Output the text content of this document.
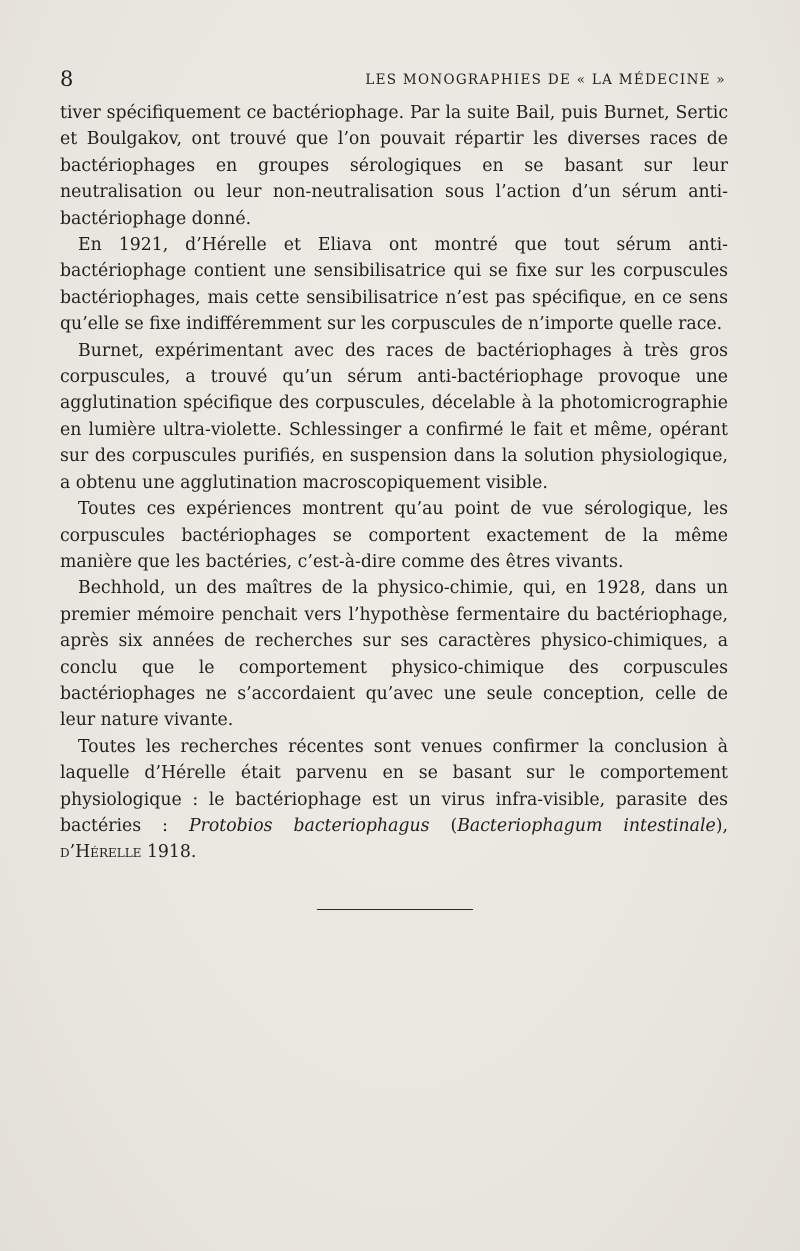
8	LES MONOGRAPHIES DE « LA MÉDECINE »

tiver spécifiquement ce bactériophage. Par la suite Bail, puis Burnet, Sertic et Boulgakov, ont trouvé que l’on pouvait répartir les diverses races de bactériophages en groupes sérologiques en se basant sur leur neutralisation ou leur non-neutralisation sous l’action d’un sérum anti-bactériophage donné.

En 1921, d’Hérelle et Eliava ont montré que tout sérum anti-bactériophage contient une sensibilisatrice qui se fixe sur les corpuscules bactériophages, mais cette sensibilisatrice n’est pas spécifique, en ce sens qu’elle se fixe indifféremment sur les corpuscules de n’importe quelle race.

Burnet, expérimentant avec des races de bactériophages à très gros corpuscules, a trouvé qu’un sérum anti-bactériophage provoque une agglutination spécifique des corpuscules, décelable à la photomicrographie en lumière ultra-violette. Schlessinger a confirmé le fait et même, opérant sur des corpuscules purifiés, en suspension dans la solution physiologique, a obtenu une agglutination macroscopiquement visible.

Toutes ces expériences montrent qu’au point de vue sérologique, les corpuscules bactériophages se comportent exactement de la même manière que les bactéries, c’est-à-dire comme des êtres vivants.

Bechhold, un des maîtres de la physico-chimie, qui, en 1928, dans un premier mémoire penchait vers l’hypothèse fermentaire du bactériophage, après six années de recherches sur ses caractères physico-chimiques, a conclu que le comportement physico-chimique des corpuscules bactériophages ne s’accordaient qu’avec une seule conception, celle de leur nature vivante.

Toutes les recherches récentes sont venues confirmer la conclusion à laquelle d’Hérelle était parvenu en se basant sur le comportement physiologique : le bactériophage est un virus infra-visible, parasite des bactéries : Protobios bacteriophagus (Bacteriophagum intestinale), d’Hérelle 1918.
